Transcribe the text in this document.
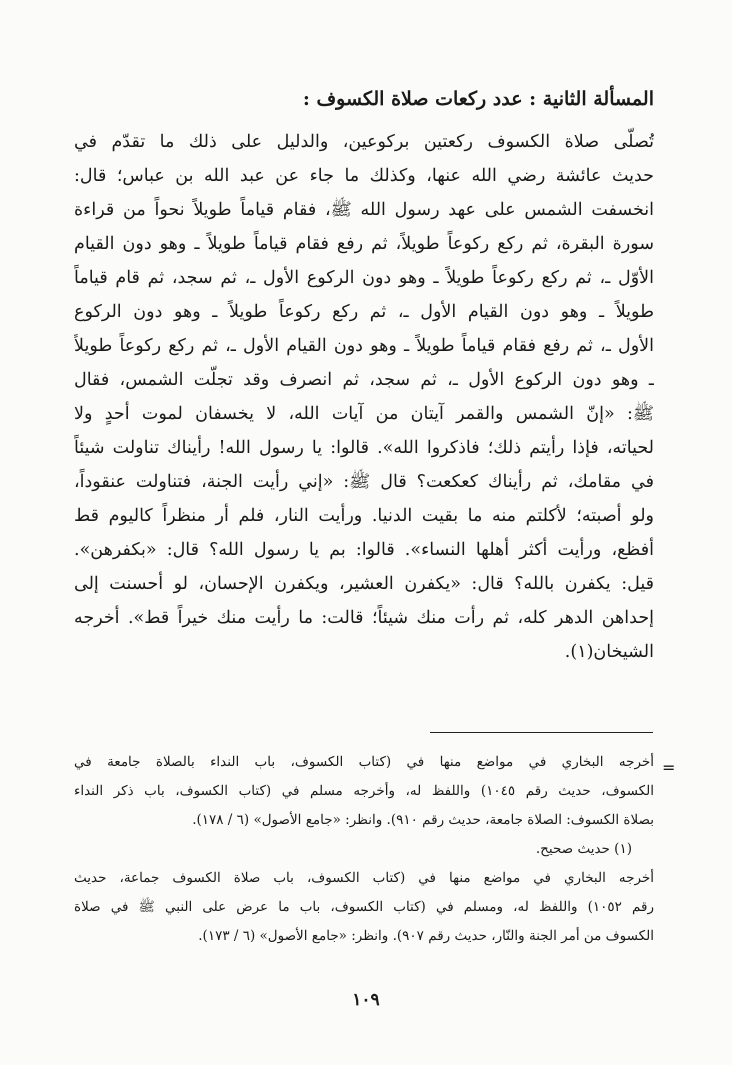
المسألة الثانية : عدد ركعات صلاة الكسوف :
تُصلّى صلاة الكسوف ركعتين بركوعين، والدليل على ذلك ما تقدّم في
حديث عائشة رضي الله عنها، وكذلك ما جاء عن عبد الله بن عباس؛ قال:
انخسفت الشمس على عهد رسول الله ﷺ، فقام قياماً طويلاً نحواً من قراءة
سورة البقرة، ثم ركع ركوعاً طويلاً، ثم رفع فقام قياماً طويلاً ـ وهو دون القيام
الأوّل ـ، ثم ركع ركوعاً طويلاً ـ وهو دون الركوع الأول ـ، ثم سجد، ثم قام قياماً
طويلاً ـ وهو دون القيام الأول ـ، ثم ركع ركوعاً طويلاً ـ وهو دون الركوع
الأول ـ، ثم رفع فقام قياماً طويلاً ـ وهو دون القيام الأول ـ، ثم ركع ركوعاً طويلاً
ـ وهو دون الركوع الأول ـ، ثم سجد، ثم انصرف وقد تجلّت الشمس، فقال
ﷺ: «إنّ الشمس والقمر آيتان من آيات الله، لا يخسفان لموت أحدٍ ولا
لحياته، فإذا رأيتم ذلك؛ فاذكروا الله». قالوا: يا رسول الله! رأيناك تناولت شيئاً
في مقامك، ثم رأيناك كعكعت؟ قال ﷺ: «إني رأيت الجنة، فتناولت عنقوداً،
ولو أصبته؛ لأكلتم منه ما بقيت الدنيا. ورأيت النار، فلم أر منظراً كاليوم قط
أفظع، ورأيت أكثر أهلها النساء». قالوا: بم يا رسول الله؟ قال: «بكفرهن».
قيل: يكفرن بالله؟ قال: «يكفرن العشير، ويكفرن الإحسان، لو أحسنت إلى
إحداهن الدهر كله، ثم رأت منك شيئاً؛ قالت: ما رأيت منك خيراً قط». أخرجه
الشيخان(١).
=
أخرجه البخاري في مواضع منها في (كتاب الكسوف، باب النداء بالصلاة جامعة في
الكسوف، حديث رقم ١٠٤٥) واللفظ له، وأخرجه مسلم في (كتاب الكسوف، باب ذكر النداء
بصلاة الكسوف: الصلاة جامعة، حديث رقم ٩١٠). وانظر: «جامع الأصول» (٦ / ١٧٨).
(١) حديث صحيح.
أخرجه البخاري في مواضع منها في (كتاب الكسوف، باب صلاة الكسوف جماعة، حديث
رقم ١٠٥٢) واللفظ له، ومسلم في (كتاب الكسوف، باب ما عرض على النبي ﷺ في صلاة
الكسوف من أمر الجنة والنّار، حديث رقم ٩٠٧). وانظر: «جامع الأصول» (٦ / ١٧٣).
١٠٩
